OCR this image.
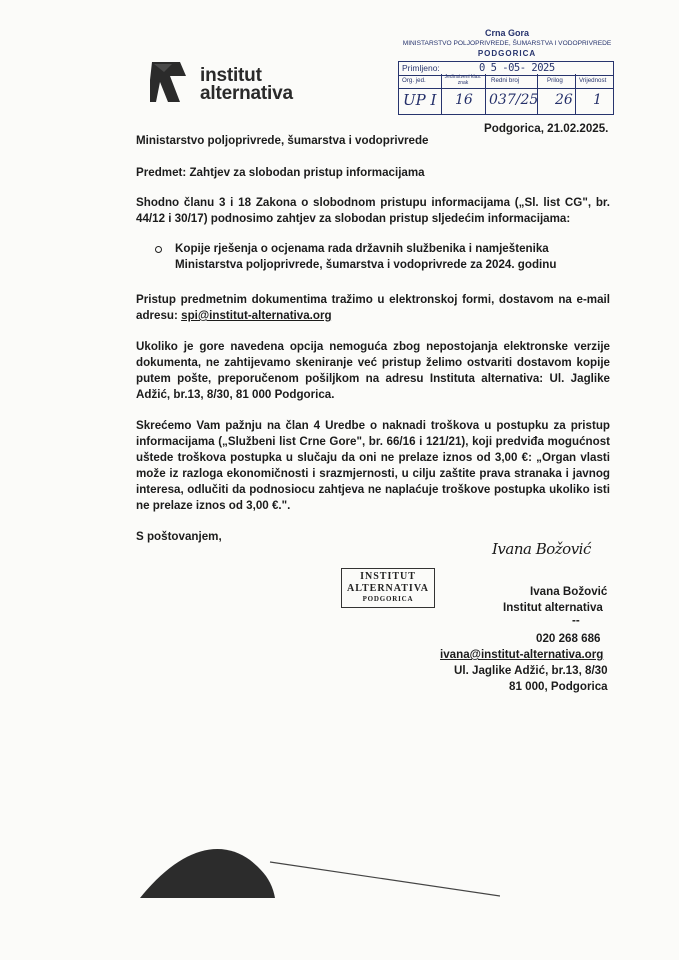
institut
alternativa
Crna Gora
MINISTARSTVO POLJOPRIVREDE, ŠUMARSTVA I VODOPRIVREDE
PODGORICA
Primljeno:	0 5 -05- 2025
Org. jed.	Jedinstveni klas. znak	Redni broj	Prilog	Vrijednost
UP I 16 037/25 26 1
Podgorica, 21.02.2025.
Ministarstvo poljoprivrede, šumarstva i vodoprivrede
Predmet: Zahtjev za slobodan pristup informacijama
Shodno članu 3 i 18 Zakona o slobodnom pristupu informacijama („Sl. list CG", br. 44/12 i 30/17) podnosimo zahtjev za slobodan pristup sljedećim informacijama:
Kopije rješenja o ocjenama rada državnih službenika i namještenika Ministarstva poljoprivrede, šumarstva i vodoprivrede za 2024. godinu
Pristup predmetnim dokumentima tražimo u elektronskoj formi, dostavom na e-mail adresu: spi@institut-alternativa.org
Ukoliko je gore navedena opcija nemoguća zbog nepostojanja elektronske verzije dokumenta, ne zahtijevamo skeniranje već pristup želimo ostvariti dostavom kopije putem pošte, preporučenom pošiljkom na adresu Instituta alternativa: Ul. Jaglike Adžić, br.13, 8/30, 81 000 Podgorica.
Skrećemo Vam pažnju na član 4 Uredbe o naknadi troškova u postupku za pristup informacijama („Službeni list Crne Gore", br. 66/16 i 121/21), koji predviđa mogućnost uštede troškova postupka u slučaju da oni ne prelaze iznos od 3,00 €: „Organ vlasti može iz razloga ekonomičnosti i srazmjernosti, u cilju zaštite prava stranaka i javnog interesa, odlučiti da podnosiocu zahtjeva ne naplaćuje troškove postupka ukoliko isti ne prelaze iznos od 3,00 €.".
S poštovanjem,
Ivana Božović
INSTITUT
ALTERNATIVA
PODGORICA
Ivana Božović
Institut alternativa
--
020 268 686
ivana@institut-alternativa.org
Ul. Jaglike Adžić, br.13, 8/30
81 000, Podgorica
